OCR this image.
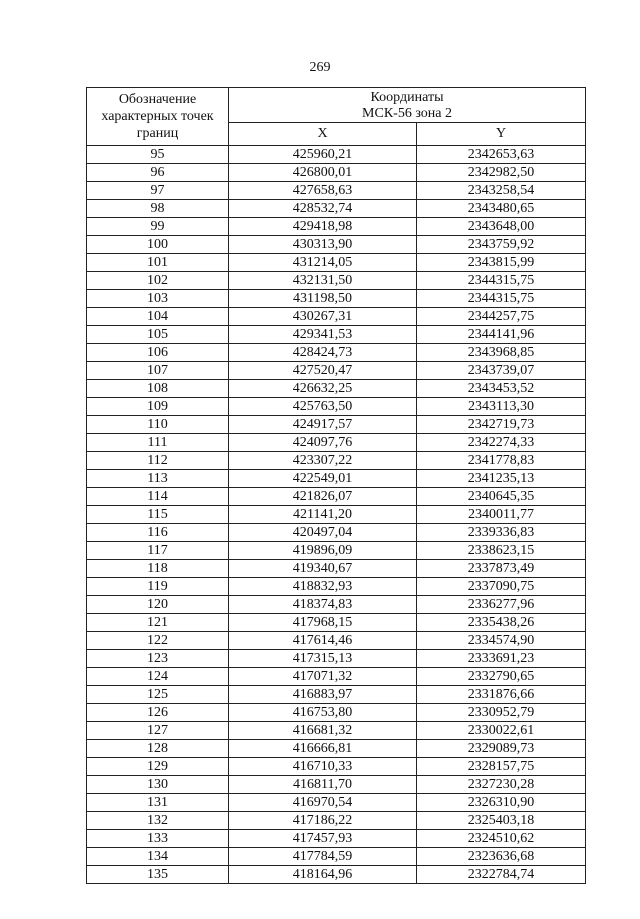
269
Обозначение характерных точек границ	Координаты
МСК-56 зона 2	
	X	Y
95	425960,21	2342653,63
96	426800,01	2342982,50
97	427658,63	2343258,54
98	428532,74	2343480,65
99	429418,98	2343648,00
100	430313,90	2343759,92
101	431214,05	2343815,99
102	432131,50	2344315,75
103	431198,50	2344315,75
104	430267,31	2344257,75
105	429341,53	2344141,96
106	428424,73	2343968,85
107	427520,47	2343739,07
108	426632,25	2343453,52
109	425763,50	2343113,30
110	424917,57	2342719,73
111	424097,76	2342274,33
112	423307,22	2341778,83
113	422549,01	2341235,13
114	421826,07	2340645,35
115	421141,20	2340011,77
116	420497,04	2339336,83
117	419896,09	2338623,15
118	419340,67	2337873,49
119	418832,93	2337090,75
120	418374,83	2336277,96
121	417968,15	2335438,26
122	417614,46	2334574,90
123	417315,13	2333691,23
124	417071,32	2332790,65
125	416883,97	2331876,66
126	416753,80	2330952,79
127	416681,32	2330022,61
128	416666,81	2329089,73
129	416710,33	2328157,75
130	416811,70	2327230,28
131	416970,54	2326310,90
132	417186,22	2325403,18
133	417457,93	2324510,62
134	417784,59	2323636,68
135	418164,96	2322784,74
